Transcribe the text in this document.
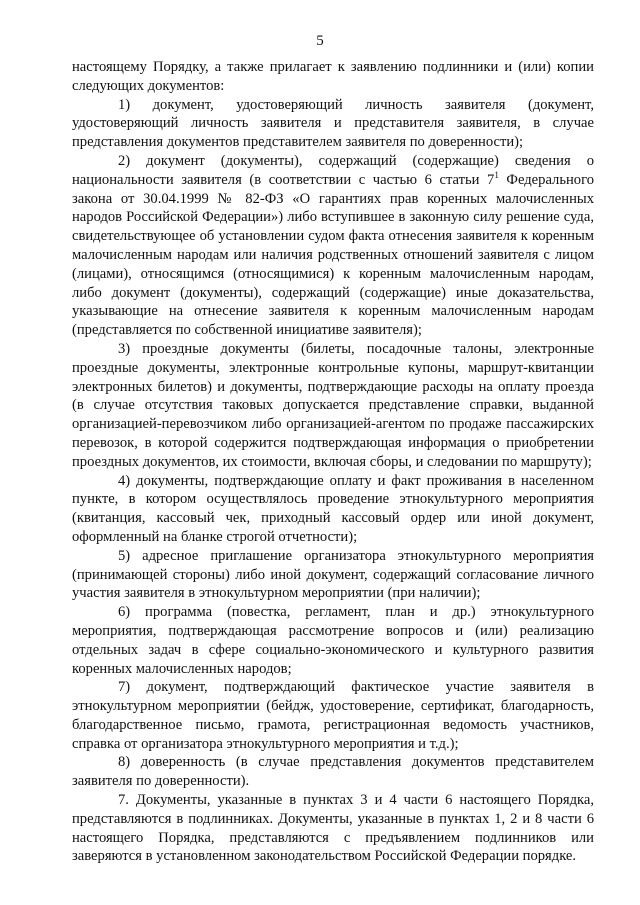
5

настоящему Порядку, а также прилагает к заявлению подлинники и (или) копии следующих документов:

1) документ, удостоверяющий личность заявителя (документ, удостоверяющий личность заявителя и представителя заявителя, в случае представления документов представителем заявителя по доверенности);

2) документ (документы), содержащий (содержащие) сведения о национальности заявителя (в соответствии с частью 6 статьи $7^1$ Федерального закона от 30.04.1999 № 82-ФЗ «О гарантиях прав коренных малочисленных народов Российской Федерации») либо вступившее в законную силу решение суда, свидетельствующее об установлении судом факта отнесения заявителя к коренным малочисленным народам или наличия родственных отношений заявителя с лицом (лицами), относящимся (относящимися) к коренным малочисленным народам, либо документ (документы), содержащий (содержащие) иные доказательства, указывающие на отнесение заявителя к коренным малочисленным народам (представляется по собственной инициативе заявителя);

3) проездные документы (билеты, посадочные талоны, электронные проездные документы, электронные контрольные купоны, маршрут-квитанции электронных билетов) и документы, подтверждающие расходы на оплату проезда (в случае отсутствия таковых допускается представление справки, выданной организацией-перевозчиком либо организацией-агентом по продаже пассажирских перевозок, в которой содержится подтверждающая информация о приобретении проездных документов, их стоимости, включая сборы, и следовании по маршруту);

4) документы, подтверждающие оплату и факт проживания в населенном пункте, в котором осуществлялось проведение этнокультурного мероприятия (квитанция, кассовый чек, приходный кассовый ордер или иной документ, оформленный на бланке строгой отчетности);

5) адресное приглашение организатора этнокультурного мероприятия (принимающей стороны) либо иной документ, содержащий согласование личного участия заявителя в этнокультурном мероприятии (при наличии);

6) программа (повестка, регламент, план и др.) этнокультурного мероприятия, подтверждающая рассмотрение вопросов и (или) реализацию отдельных задач в сфере социально-экономического и культурного развития коренных малочисленных народов;

7) документ, подтверждающий фактическое участие заявителя в этнокультурном мероприятии (бейдж, удостоверение, сертификат, благодарность, благодарственное письмо, грамота, регистрационная ведомость участников, справка от организатора этнокультурного мероприятия и т.д.);

8) доверенность (в случае представления документов представителем заявителя по доверенности).

7. Документы, указанные в пунктах 3 и 4 части 6 настоящего Порядка, представляются в подлинниках. Документы, указанные в пунктах 1, 2 и 8 части 6 настоящего Порядка, представляются с предъявлением подлинников или заверяются в установленном законодательством Российской Федерации порядке.
